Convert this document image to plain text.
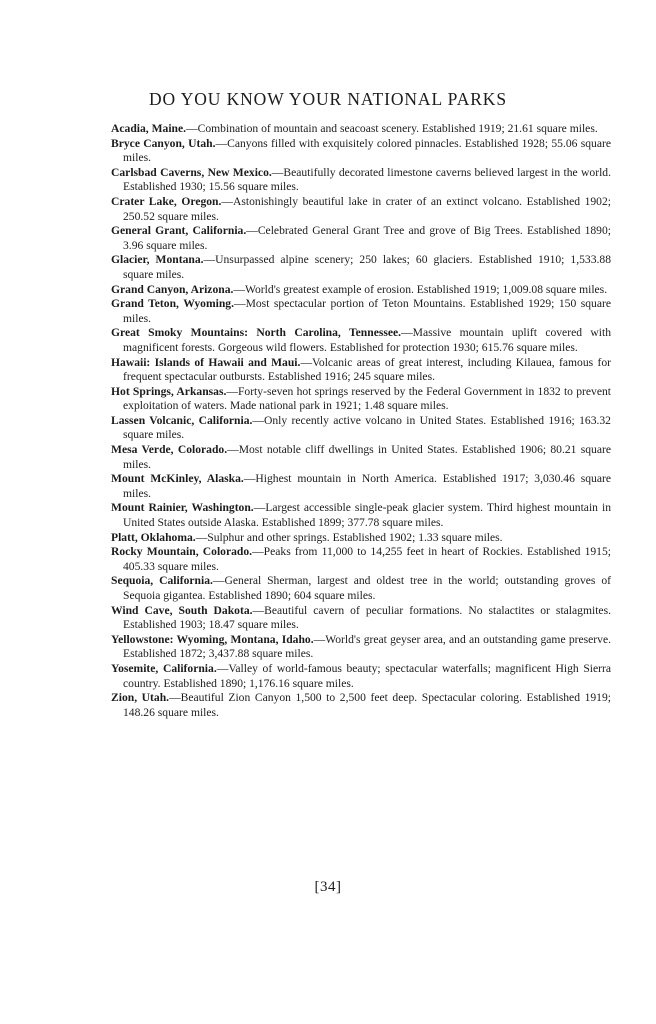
DO YOU KNOW YOUR NATIONAL PARKS
Acadia, Maine.—Combination of mountain and seacoast scenery. Established 1919; 21.61 square miles.
Bryce Canyon, Utah.—Canyons filled with exquisitely colored pinnacles. Established 1928; 55.06 square miles.
Carlsbad Caverns, New Mexico.—Beautifully decorated limestone caverns believed largest in the world. Established 1930; 15.56 square miles.
Crater Lake, Oregon.—Astonishingly beautiful lake in crater of an extinct volcano. Established 1902; 250.52 square miles.
General Grant, California.—Celebrated General Grant Tree and grove of Big Trees. Established 1890; 3.96 square miles.
Glacier, Montana.—Unsurpassed alpine scenery; 250 lakes; 60 glaciers. Established 1910; 1,533.88 square miles.
Grand Canyon, Arizona.—World's greatest example of erosion. Established 1919; 1,009.08 square miles.
Grand Teton, Wyoming.—Most spectacular portion of Teton Mountains. Established 1929; 150 square miles.
Great Smoky Mountains: North Carolina, Tennessee.—Massive mountain uplift covered with magnificent forests. Gorgeous wild flowers. Established for protection 1930; 615.76 square miles.
Hawaii: Islands of Hawaii and Maui.—Volcanic areas of great interest, including Kilauea, famous for frequent spectacular outbursts. Established 1916; 245 square miles.
Hot Springs, Arkansas.—Forty-seven hot springs reserved by the Federal Government in 1832 to prevent exploitation of waters. Made national park in 1921; 1.48 square miles.
Lassen Volcanic, California.—Only recently active volcano in United States. Established 1916; 163.32 square miles.
Mesa Verde, Colorado.—Most notable cliff dwellings in United States. Established 1906; 80.21 square miles.
Mount McKinley, Alaska.—Highest mountain in North America. Established 1917; 3,030.46 square miles.
Mount Rainier, Washington.—Largest accessible single-peak glacier system. Third highest mountain in United States outside Alaska. Established 1899; 377.78 square miles.
Platt, Oklahoma.—Sulphur and other springs. Established 1902; 1.33 square miles.
Rocky Mountain, Colorado.—Peaks from 11,000 to 14,255 feet in heart of Rockies. Established 1915; 405.33 square miles.
Sequoia, California.—General Sherman, largest and oldest tree in the world; outstanding groves of Sequoia gigantea. Established 1890; 604 square miles.
Wind Cave, South Dakota.—Beautiful cavern of peculiar formations. No stalactites or stalagmites. Established 1903; 18.47 square miles.
Yellowstone: Wyoming, Montana, Idaho.—World's great geyser area, and an outstanding game preserve. Established 1872; 3,437.88 square miles.
Yosemite, California.—Valley of world-famous beauty; spectacular waterfalls; magnificent High Sierra country. Established 1890; 1,176.16 square miles.
Zion, Utah.—Beautiful Zion Canyon 1,500 to 2,500 feet deep. Spectacular coloring. Established 1919; 148.26 square miles.
[34]
